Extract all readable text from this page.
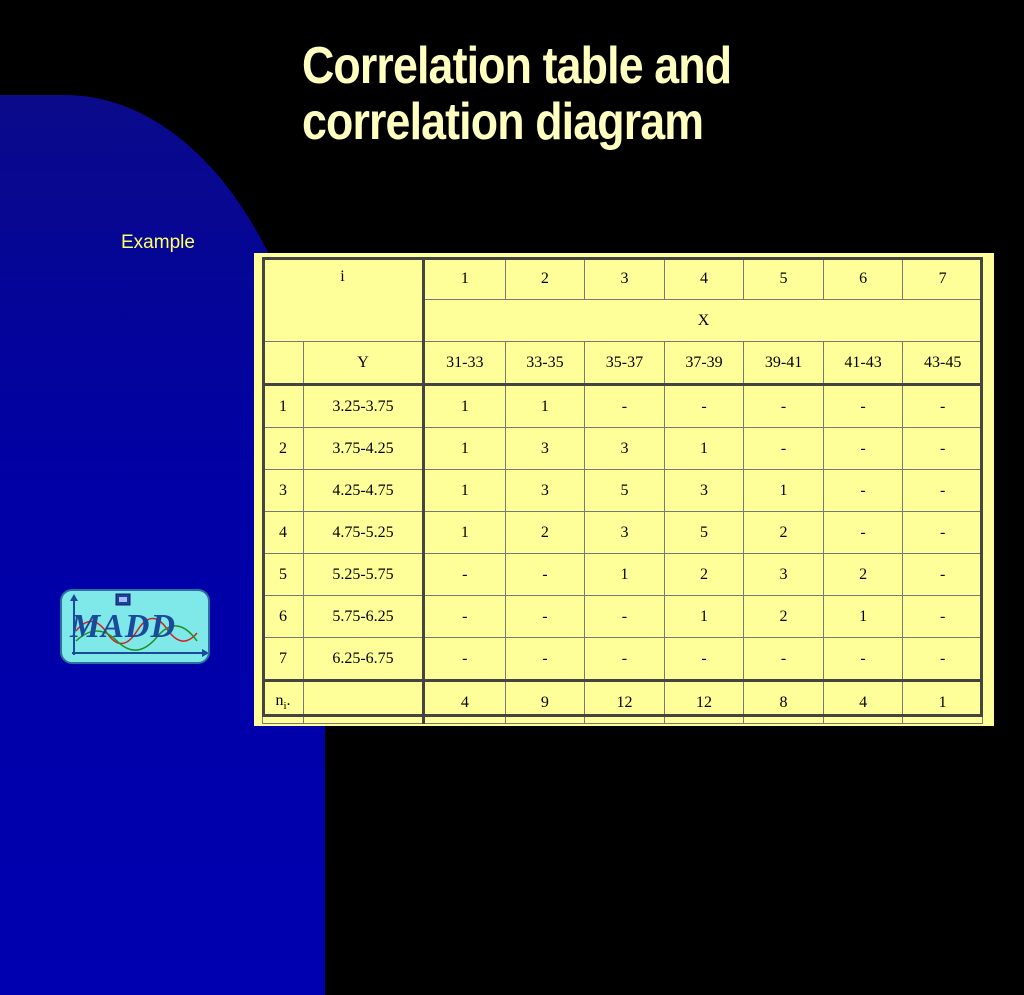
Correlation table and
correlation diagram
Example
i		1	2	3	4	5	6	7
		X						
	Y	31-33	33-35	35-37	37-39	39-41	41-43	43-45
1	3.25-3.75	1	1	-	-	-	-	-
2	3.75-4.25	1	3	3	1	-	-	-
3	4.25-4.75	1	3	5	3	1	-	-
4	4.75-5.25	1	2	3	5	2	-	-
5	5.25-5.75	-	-	1	2	3	2	-
6	5.75-6.25	-	-	-	1	2	1	-
7	6.25-6.75	-	-	-	-	-	-	-
$n_i$.		4	9	12	12	8	4	1
MADD
